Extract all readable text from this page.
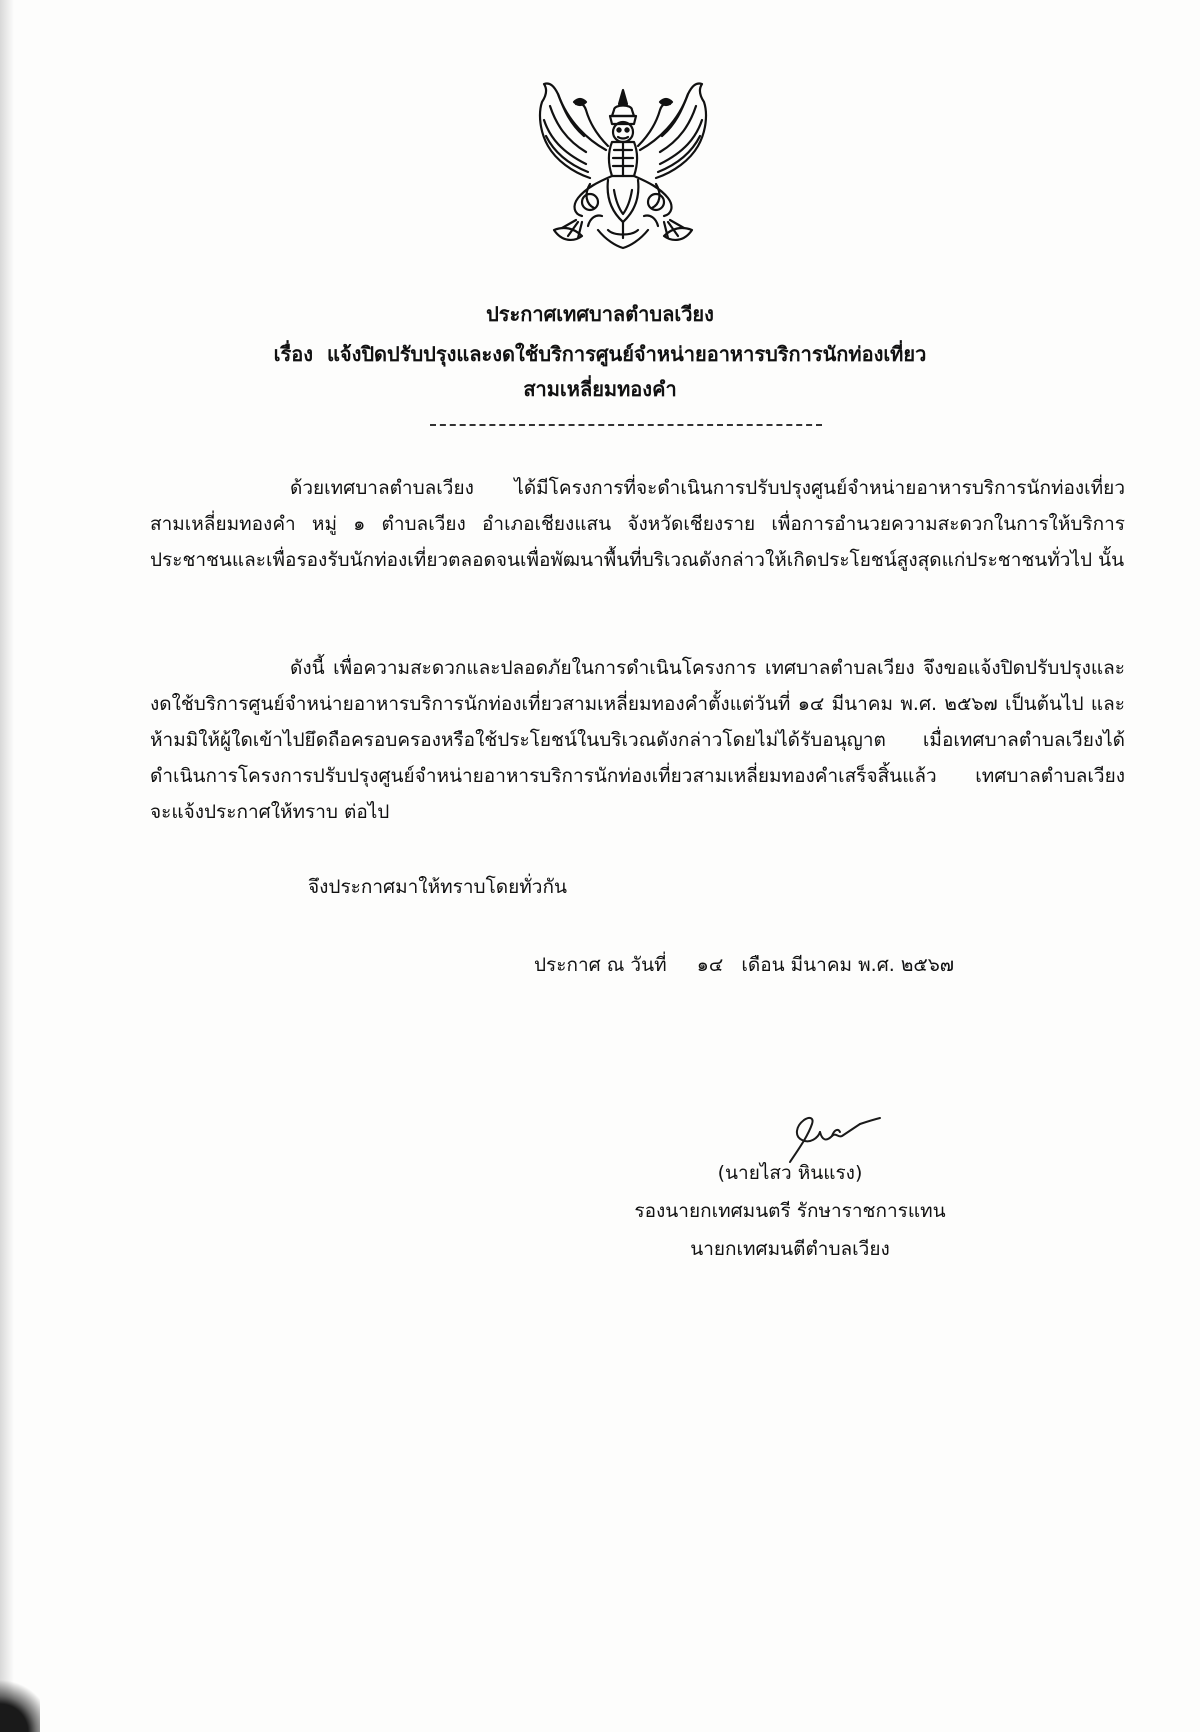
ประกาศเทศบาลตำบลเวียง
เรื่อง แจ้งปิดปรับปรุงและงดใช้บริการศูนย์จำหน่ายอาหารบริการนักท่องเที่ยว
สามเหลี่ยมทองคำ

ด้วยเทศบาลตำบลเวียง ได้มีโครงการที่จะดำเนินการปรับปรุงศูนย์จำหน่ายอาหารบริการนักท่องเที่ยวสามเหลี่ยมทองคำ หมู่ ๑ ตำบลเวียง อำเภอเชียงแสน จังหวัดเชียงราย เพื่อการอำนวยความสะดวกในการให้บริการประชาชนและเพื่อรองรับนักท่องเที่ยวตลอดจนเพื่อพัฒนาพื้นที่บริเวณดังกล่าวให้เกิดประโยชน์สูงสุดแก่ประชาชนทั่วไป นั้น

ดังนี้ เพื่อความสะดวกและปลอดภัยในการดำเนินโครงการ เทศบาลตำบลเวียง จึงขอแจ้งปิดปรับปรุงและงดใช้บริการศูนย์จำหน่ายอาหารบริการนักท่องเที่ยวสามเหลี่ยมทองคำตั้งแต่วันที่ ๑๔ มีนาคม พ.ศ. ๒๕๖๗ เป็นต้นไป และห้ามมิให้ผู้ใดเข้าไปยึดถือครอบครองหรือใช้ประโยชน์ในบริเวณดังกล่าวโดยไม่ได้รับอนุญาต เมื่อเทศบาลตำบลเวียงได้ดำเนินการโครงการปรับปรุงศูนย์จำหน่ายอาหารบริการนักท่องเที่ยวสามเหลี่ยมทองคำเสร็จสิ้นแล้ว เทศบาลตำบลเวียง จะแจ้งประกาศให้ทราบ ต่อไป

จึงประกาศมาให้ทราบโดยทั่วกัน
ประกาศ ณ วันที่ ๑๔ เดือน มีนาคม พ.ศ. ๒๕๖๗
(นายไสว หินแรง)
รองนายกเทศมนตรี รักษาราชการแทน
นายกเทศมนตีตำบลเวียง
